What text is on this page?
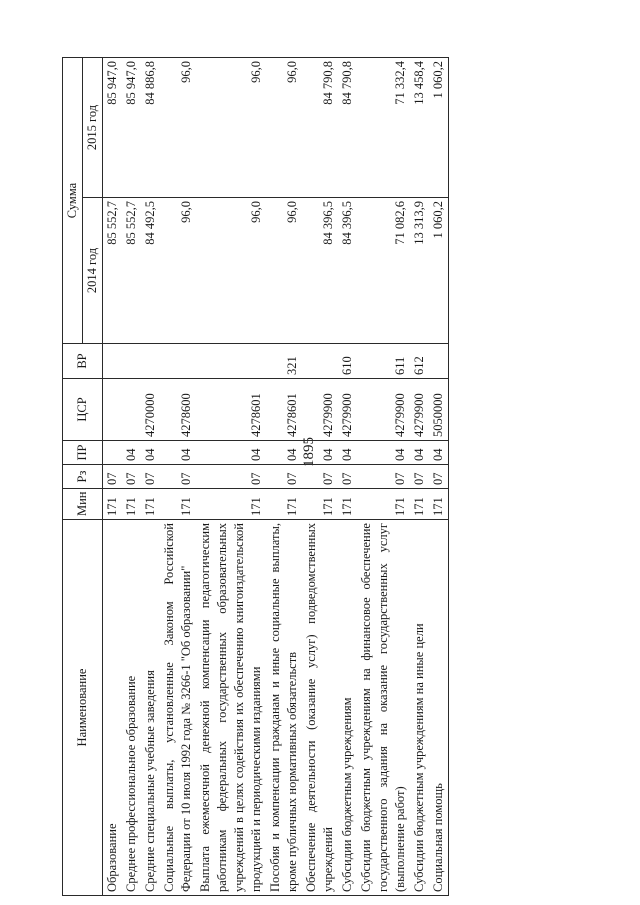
1895
Наименование	Мин	Рз	ПР	ЦСР	ВР	Сумма	
						2014 год	2015 год
Образование	171	07				85 552,7	85 947,0
Среднее профессиональное образование	171	07	04			85 552,7	85 947,0
Средние специальные учебные заведения	171	07	04	4270000		84 492,5	84 886,8
Социальные выплаты, установленные Законом Российской Федерации от 10 июля 1992 года № 3266-1 "Об образовании"	171	07	04	4278600		96,0	96,0
Выплата ежемесячной денежной компенсации педагогическим работникам федеральных государственных образовательных учреждений в целях содействия их обеспечению книгоиздательской продукцией и периодическими изданиями	171	07	04	4278601		96,0	96,0
Пособия и компенсации гражданам и иные социальные выплаты, кроме публичных нормативных обязательств	171	07	04	4278601	321	96,0	96,0
Обеспечение деятельности (оказание услуг) подведомственных учреждений	171	07	04	4279900		84 396,5	84 790,8
Субсидии бюджетным учреждениям	171	07	04	4279900	610	84 396,5	84 790,8
Субсидии бюджетным учреждениям на финансовое обеспечение государственного задания на оказание государственных услуг (выполнение работ)	171	07	04	4279900	611	71 082,6	71 332,4
Субсидии бюджетным учреждениям на иные цели	171	07	04	4279900	612	13 313,9	13 458,4
Социальная помощь	171	07	04	5050000		1 060,2	1 060,2
